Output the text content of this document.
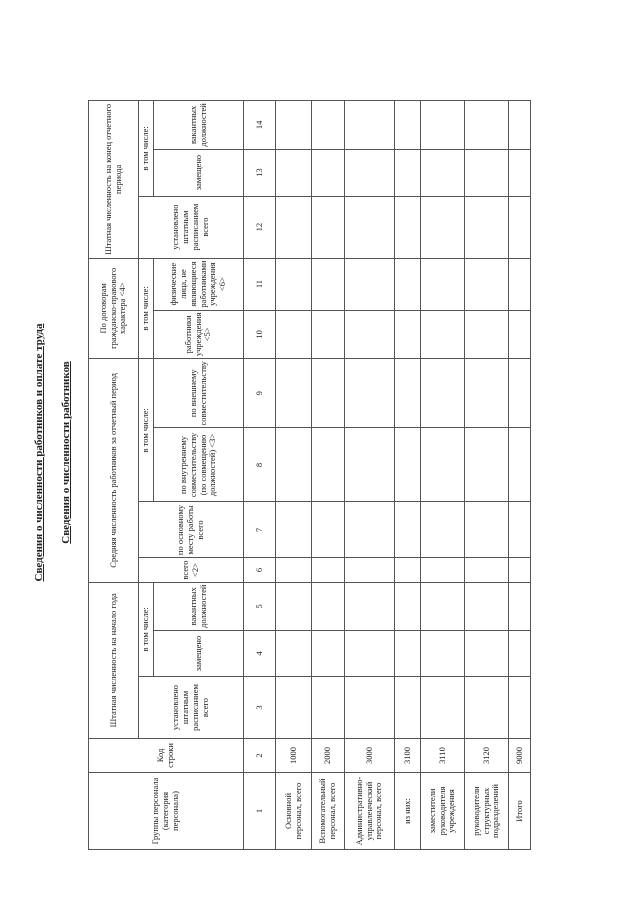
Сведения о численности работников и оплате труда Сведения о численности работников
Группы персонала (категория персонала)	Код строки	Штатная численность на начало года			Средняя численность работников за отчетный период				По договорам гражданско-правового характера <4>		Штатная численность на конец отчетного периода		
		установлено штатным расписанием всего	в том числе:		всего <2>	по основному месту работы всего	в том числе:		в том числе:		установлено штатным расписанием всего	в том числе:	
			замещено	вакантных должностей			по внутреннему совместительству (по совмещению должностей) <3>	по внешнему совместительству	работники учреждения <5>	физические лица, не являющиеся работниками учреждения <6>		замещено	вакантных должностей
1	2	3	4	5	6	7	8	9	10	11	12	13	14
Основной персонал, всего	1000												
Вспомогательный персонал, всего	2000												
Административно-управленческий персонал, всего	3000												
из них:	3100												
заместители руководителя учреждения	3110												
руководители структурных подразделений	3120												
Итого	9000												
